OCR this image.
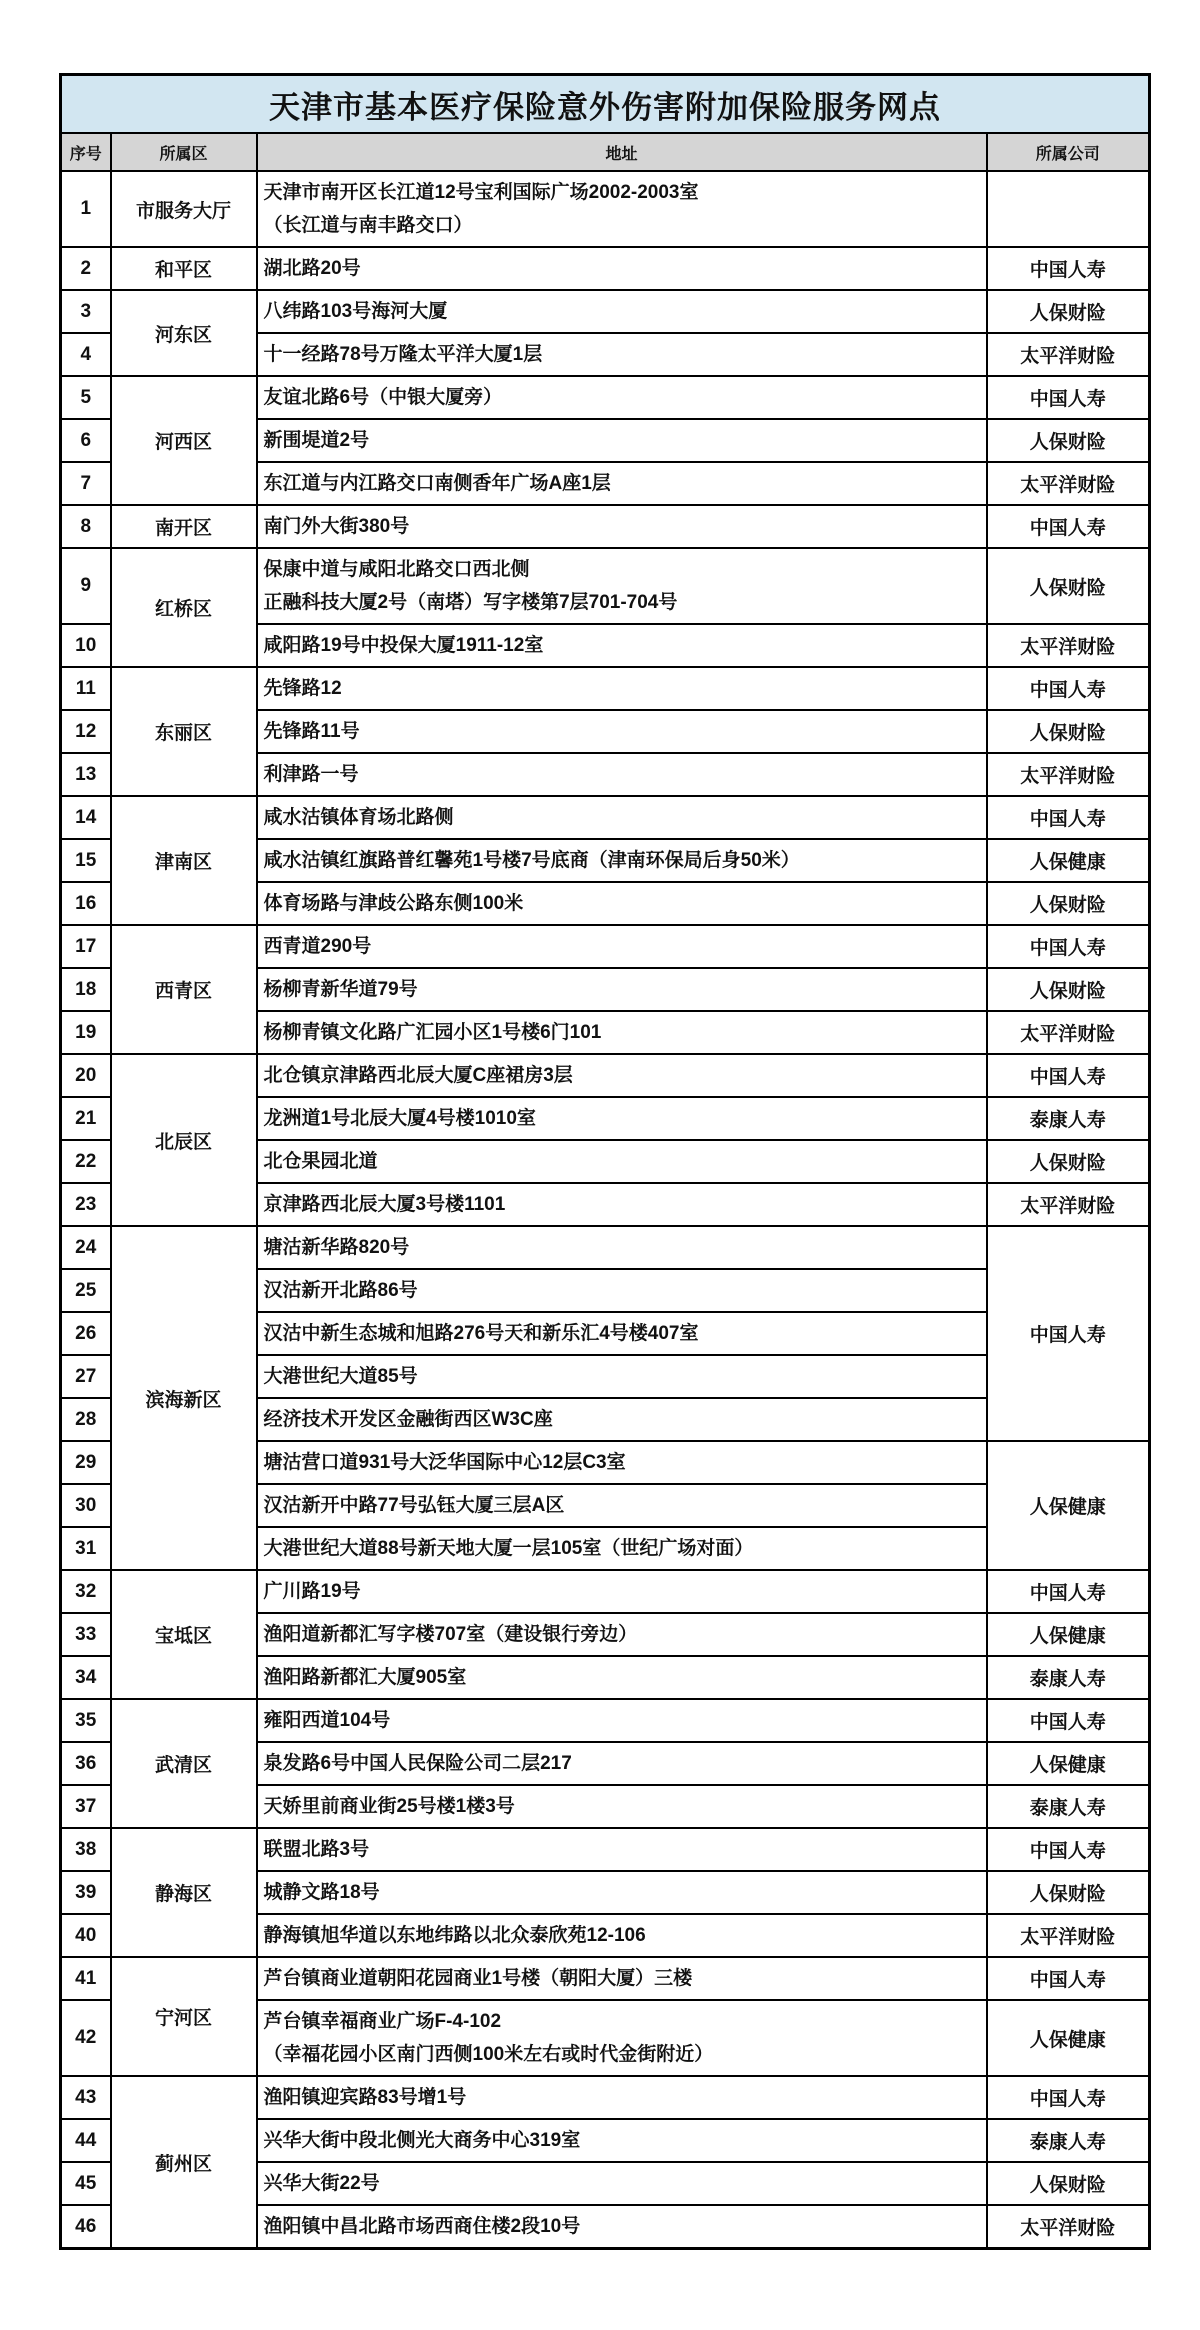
天津市基本医疗保险意外伤害附加保险服务网点			
序号	所属区	地址	所属公司
1	市服务大厅	天津市南开区长江道12号宝利国际广场2002-2003室
（长江道与南丰路交口）	
2	和平区	湖北路20号	中国人寿
3	河东区	八纬路103号海河大厦	人保财险
4		十一经路78号万隆太平洋大厦1层	太平洋财险
5	河西区	友谊北路6号（中银大厦旁）	中国人寿
6		新围堤道2号	人保财险
7		东江道与内江路交口南侧香年广场A座1层	太平洋财险
8	南开区	南门外大街380号	中国人寿
9	红桥区	保康中道与咸阳北路交口西北侧
正融科技大厦2号（南塔）写字楼第7层701-704号	人保财险
10		咸阳路19号中投保大厦1911-12室	太平洋财险
11	东丽区	先锋路12	中国人寿
12		先锋路11号	人保财险
13		利津路一号	太平洋财险
14	津南区	咸水沽镇体育场北路侧	中国人寿
15		咸水沽镇红旗路普红馨苑1号楼7号底商（津南环保局后身50米）	人保健康
16		体育场路与津歧公路东侧100米	人保财险
17	西青区	西青道290号	中国人寿
18		杨柳青新华道79号	人保财险
19		杨柳青镇文化路广汇园小区1号楼6门101	太平洋财险
20	北辰区	北仓镇京津路西北辰大厦C座裙房3层	中国人寿
21		龙洲道1号北辰大厦4号楼1010室	泰康人寿
22		北仓果园北道	人保财险
23		京津路西北辰大厦3号楼1101	太平洋财险
24	滨海新区	塘沽新华路820号	中国人寿
25		汉沽新开北路86号	
26		汉沽中新生态城和旭路276号天和新乐汇4号楼407室	
27		大港世纪大道85号	
28		经济技术开发区金融街西区W3C座	
29		塘沽营口道931号大泛华国际中心12层C3室	人保健康
30		汉沽新开中路77号弘钰大厦三层A区	
31		大港世纪大道88号新天地大厦一层105室（世纪广场对面）	
32	宝坻区	广川路19号	中国人寿
33		渔阳道新都汇写字楼707室（建设银行旁边）	人保健康
34		渔阳路新都汇大厦905室	泰康人寿
35	武清区	雍阳西道104号	中国人寿
36		泉发路6号中国人民保险公司二层217	人保健康
37		天娇里前商业街25号楼1楼3号	泰康人寿
38	静海区	联盟北路3号	中国人寿
39		城静文路18号	人保财险
40		静海镇旭华道以东地纬路以北众泰欣苑12-106	太平洋财险
41	宁河区	芦台镇商业道朝阳花园商业1号楼（朝阳大厦）三楼	中国人寿
42		芦台镇幸福商业广场F-4-102
（幸福花园小区南门西侧100米左右或时代金街附近）	人保健康
43	蓟州区	渔阳镇迎宾路83号增1号	中国人寿
44		兴华大街中段北侧光大商务中心319室	泰康人寿
45		兴华大街22号	人保财险
46		渔阳镇中昌北路市场西商住楼2段10号	太平洋财险
